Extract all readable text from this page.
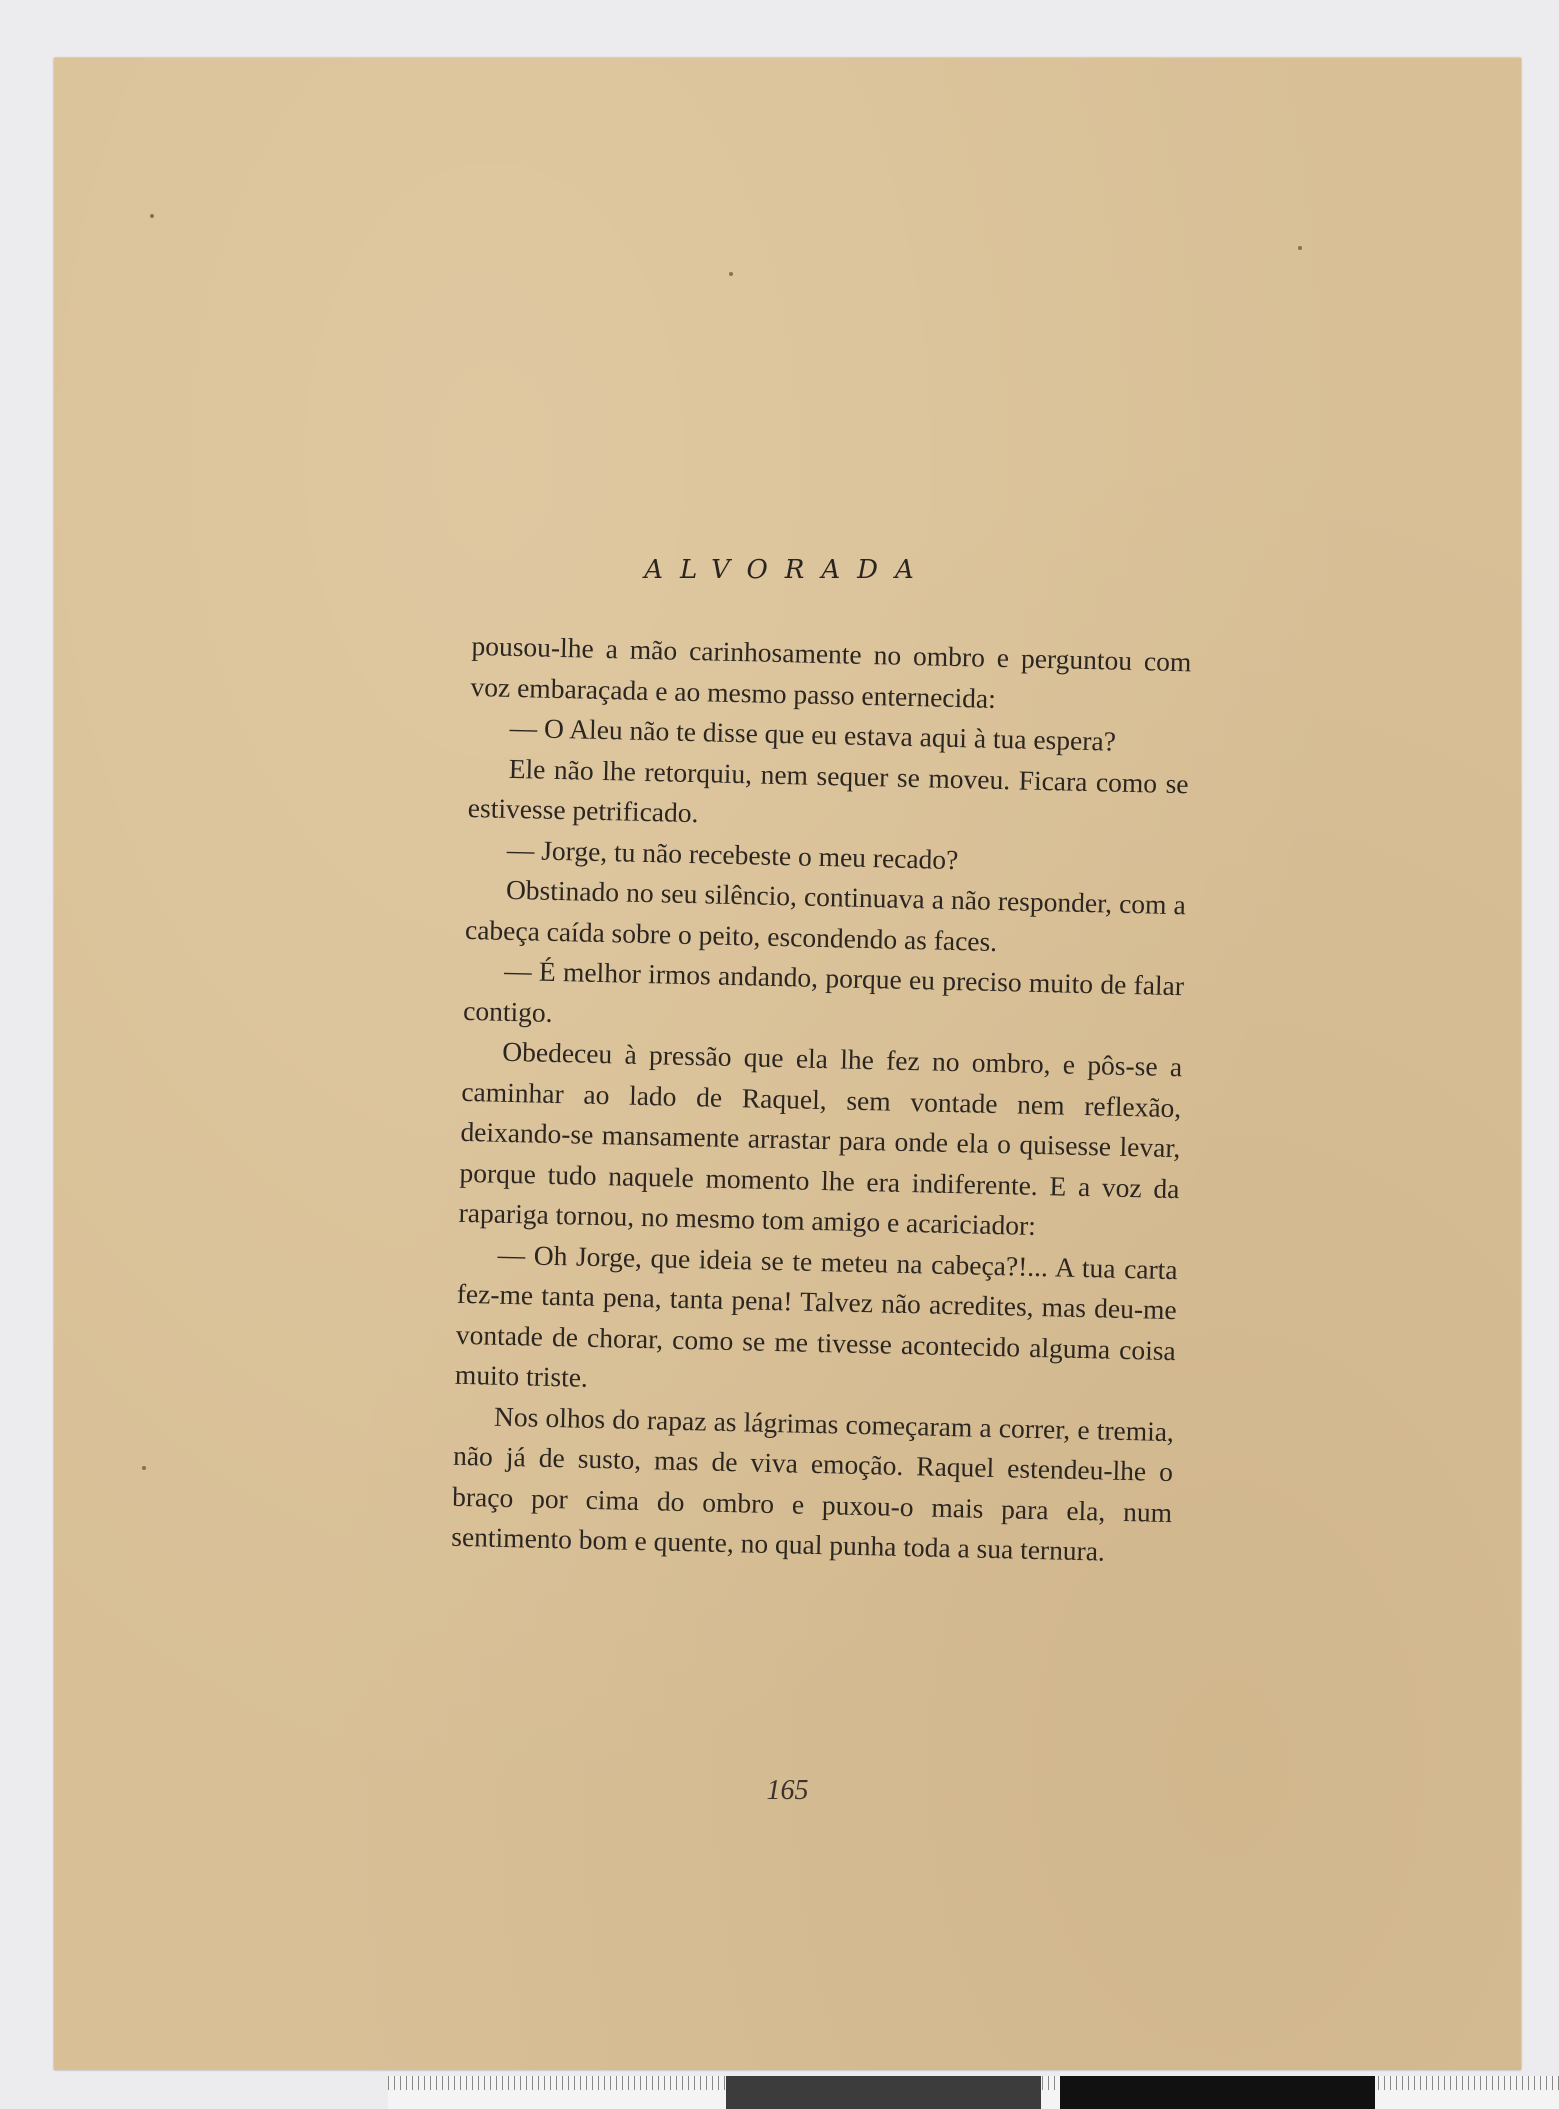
ALVORADA

pousou-lhe a mão carinhosamente no ombro e perguntou com voz embaraçada e ao mesmo passo enternecida:

— O Aleu não te disse que eu estava aqui à tua espera?

Ele não lhe retorquiu, nem sequer se moveu. Ficara como se estivesse petrificado.

— Jorge, tu não recebeste o meu recado?

Obstinado no seu silêncio, continuava a não responder, com a cabeça caída sobre o peito, escondendo as faces.

— É melhor irmos andando, porque eu preciso muito de falar contigo.

Obedeceu à pressão que ela lhe fez no ombro, e pôs-se a caminhar ao lado de Raquel, sem vontade nem reflexão, deixando-se mansamente arrastar para onde ela o quisesse levar, porque tudo naquele momento lhe era indiferente. E a voz da rapariga tornou, no mesmo tom amigo e acariciador:

— Oh Jorge, que ideia se te meteu na cabeça?!... A tua carta fez-me tanta pena, tanta pena! Talvez não acredites, mas deu-me vontade de chorar, como se me tivesse acontecido alguma coisa muito triste.

Nos olhos do rapaz as lágrimas começaram a correr, e tremia, não já de susto, mas de viva emoção. Raquel estendeu-lhe o braço por cima do ombro e puxou-o mais para ela, num sentimento bom e quente, no qual punha toda a sua ternura.

165
